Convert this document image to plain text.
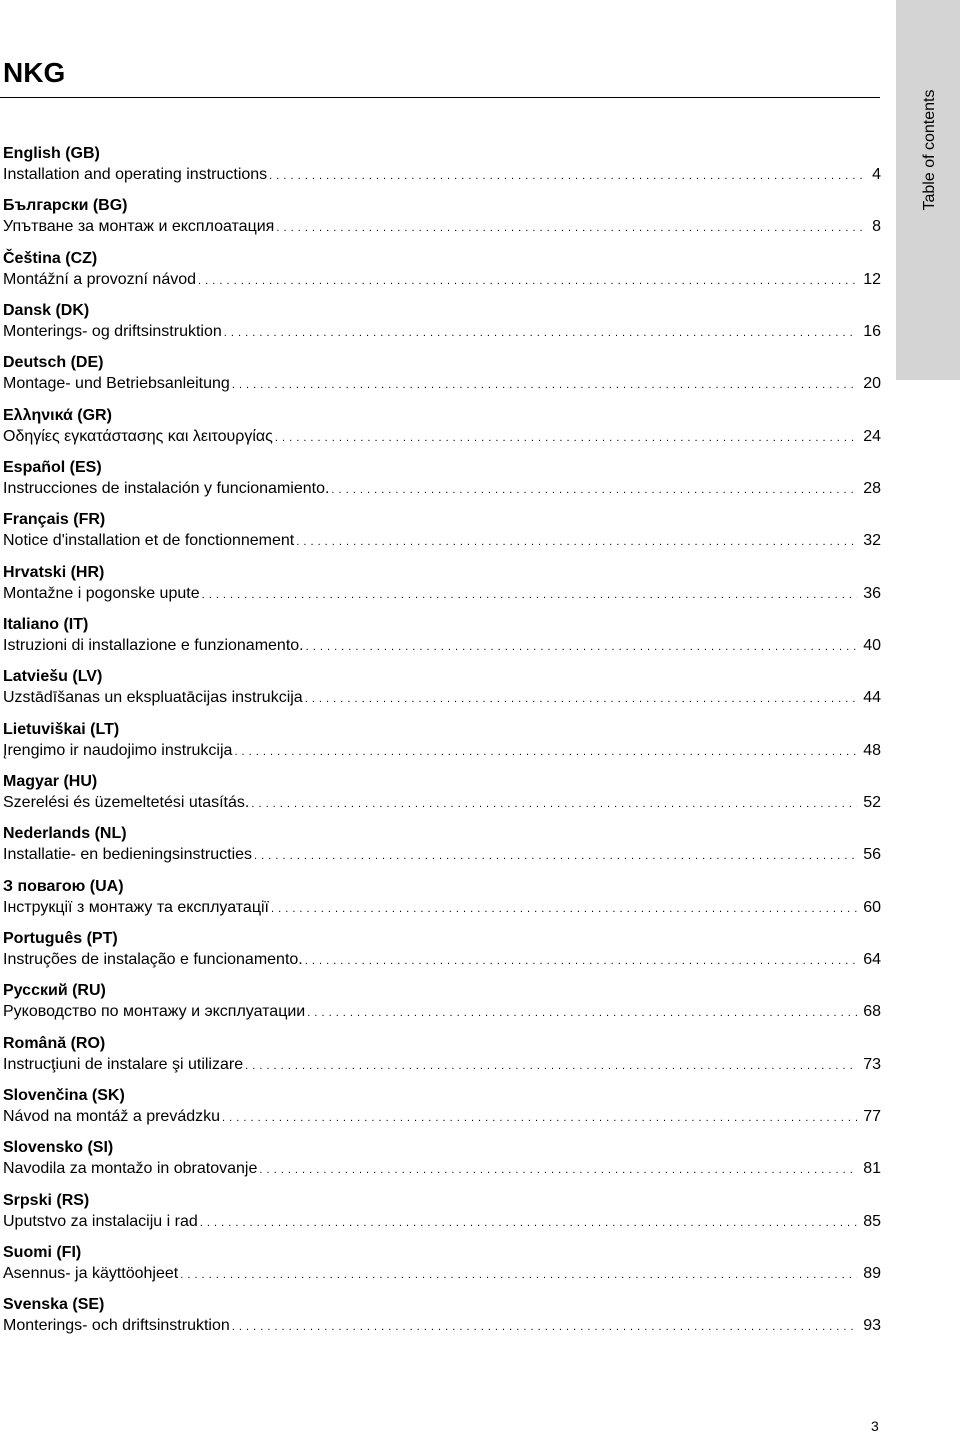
NKG
Table of contents
English (GB)
Installation and operating instructions . . .	4
Български (BG)
Упътване за монтаж и експлоатация . . .	8
Čeština (CZ)
Montážní a provozní návod . . .	12
Dansk (DK)
Monterings- og driftsinstruktion . . .	16
Deutsch (DE)
Montage- und Betriebsanleitung . . .	20
Ελληνικά (GR)
Οδηγίες εγκατάστασης και λειτουργίας . . .	24
Español (ES)
Instrucciones de instalación y funcionamiento. . . .	28
Français (FR)
Notice d'installation et de fonctionnement . . .	32
Hrvatski (HR)
Montažne i pogonske upute . . .	36
Italiano (IT)
Istruzioni di installazione e funzionamento. . . .	40
Latviešu (LV)
Uzstādīšanas un ekspluatācijas instrukcija . . .	44
Lietuviškai (LT)
Įrengimo ir naudojimo instrukcija . . .	48
Magyar (HU)
Szerelési és üzemeltetési utasítás. . . .	52
Nederlands (NL)
Installatie- en bedieningsinstructies . . .	56
З повагою (UA)
Інструкції з монтажу та експлуатації . . .	60
Português (PT)
Instruções de instalação e funcionamento. . . .	64
Русский (RU)
Руководство по монтажу и эксплуатации . . .	68
Română (RO)
Instrucţiuni de instalare şi utilizare . . .	73
Slovenčina (SK)
Návod na montáž a prevádzku . . .	77
Slovensko (SI)
Navodila za montažo in obratovanje . . .	81
Srpski (RS)
Uputstvo za instalaciju i rad . . .	85
Suomi (FI)
Asennus- ja käyttöohjeet . . .	89
Svenska (SE)
Monterings- och driftsinstruktion . . .	93
3
